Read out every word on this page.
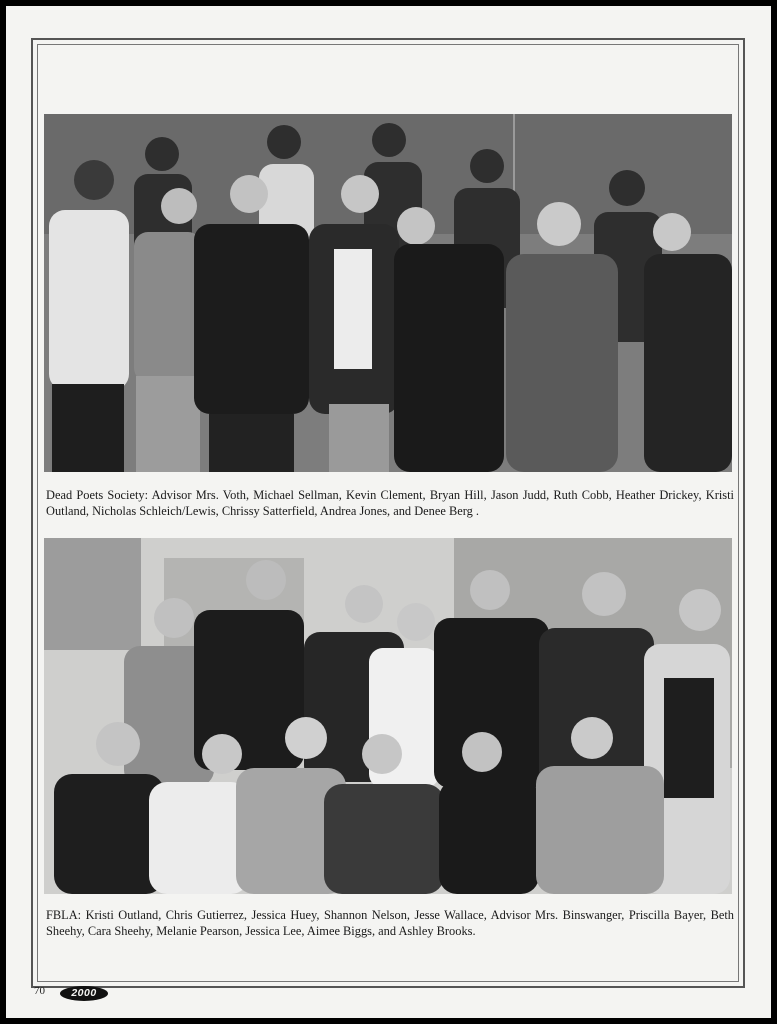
Dead Poets Society: Advisor Mrs. Voth, Michael Sellman, Kevin Clement, Bryan Hill, Jason Judd, Ruth Cobb, Heather Drickey, Kristi Outland, Nicholas Schleich/Lewis, Chrissy Satterfield, Andrea Jones, and Denee Berg .
FBLA: Kristi Outland, Chris Gutierrez, Jessica Huey, Shannon Nelson, Jesse Wallace, Advisor Mrs. Binswanger, Priscilla Bayer, Beth Sheehy, Cara Sheehy, Melanie Pearson, Jessica Lee, Aimee Biggs, and Ashley Brooks.
70	2000
